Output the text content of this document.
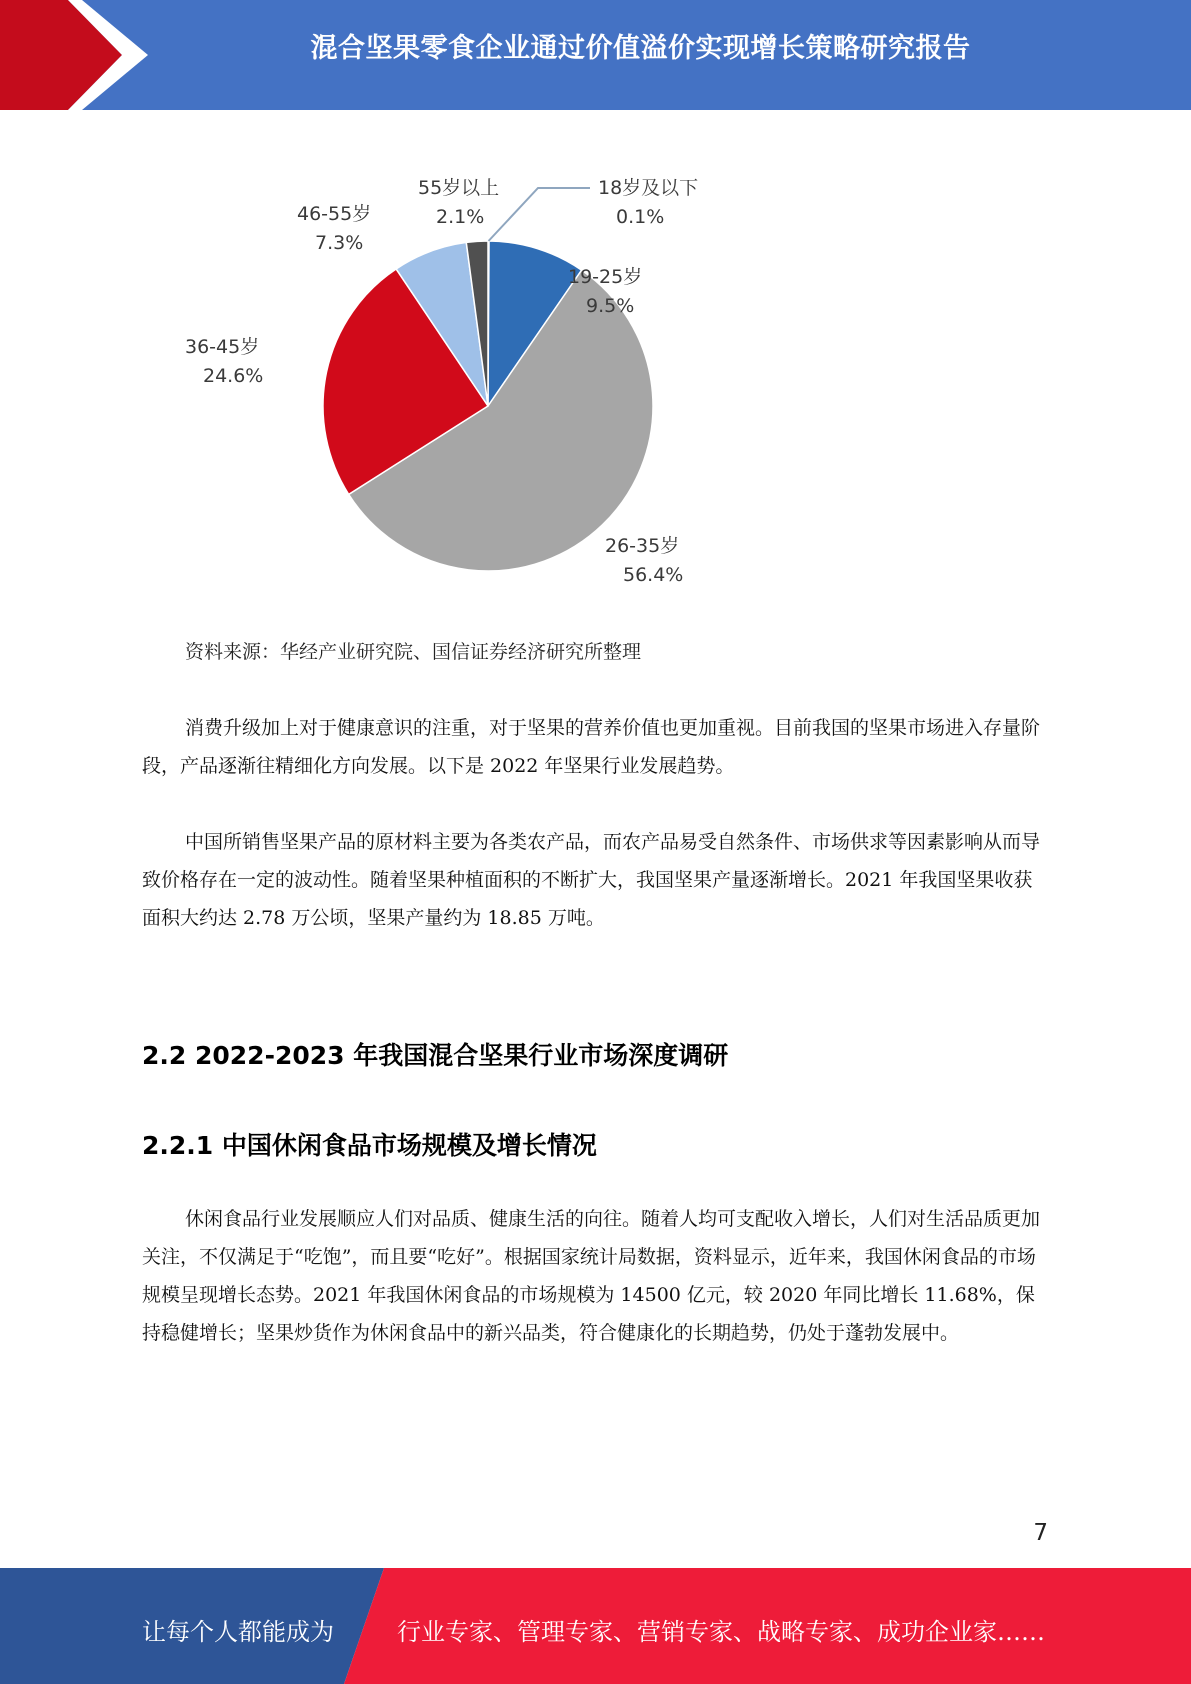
混合坚果零食企业通过价值溢价实现增长策略研究报告
18岁及以下
0.1%
19-25岁
9.5%
26-35岁
56.4%
36-45岁
24.6%
46-55岁
7.3%
55岁以上
2.1%
资料来源：华经产业研究院、国信证券经济研究所整理
消费升级加上对于健康意识的注重，对于坚果的营养价值也更加重视。目前我国的坚果市场进入存量阶段，产品逐渐往精细化方向发展。以下是 2022 年坚果行业发展趋势。
中国所销售坚果产品的原材料主要为各类农产品，而农产品易受自然条件、市场供求等因素影响从而导致价格存在一定的波动性。随着坚果种植面积的不断扩大，我国坚果产量逐渐增长。2021 年我国坚果收获面积大约达 2.78 万公顷，坚果产量约为 18.85 万吨。
2.2 2022-2023 年我国混合坚果行业市场深度调研
2.2.1 中国休闲食品市场规模及增长情况
休闲食品行业发展顺应人们对品质、健康生活的向往。随着人均可支配收入增长，人们对生活品质更加关注，不仅满足于“吃饱”，而且要“吃好”。根据国家统计局数据，资料显示，近年来，我国休闲食品的市场规模呈现增长态势。2021 年我国休闲食品的市场规模为 14500 亿元，较 2020 年同比增长 11.68%，保持稳健增长；坚果炒货作为休闲食品中的新兴品类，符合健康化的长期趋势，仍处于蓬勃发展中。
7
让每个人都能成为	行业专家、管理专家、营销专家、战略专家、成功企业家……
